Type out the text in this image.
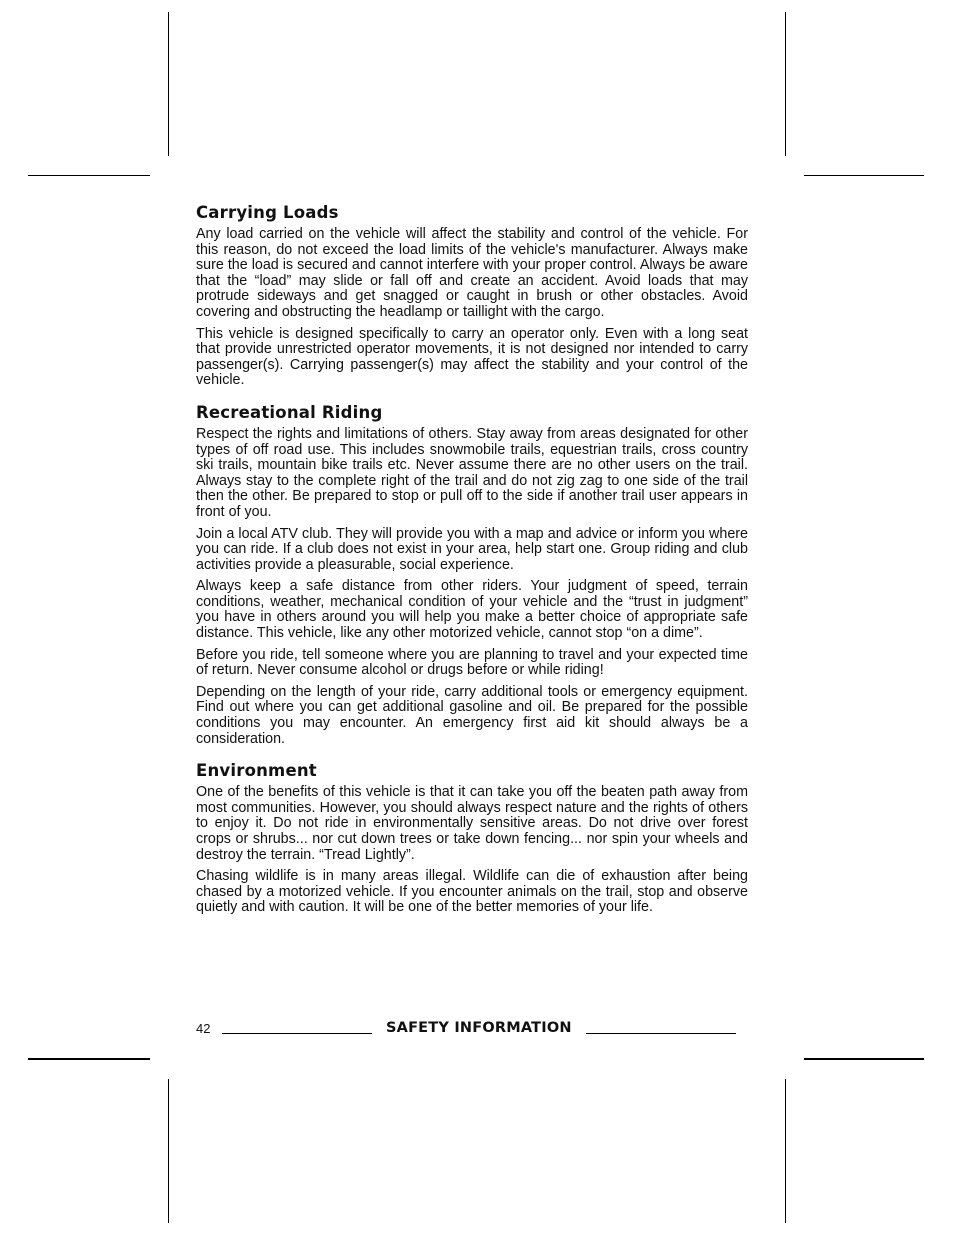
Carrying Loads

Any load carried on the vehicle will affect the stability and control of the vehicle. For this reason, do not exceed the load limits of the vehicle's manufacturer. Always make sure the load is secured and cannot interfere with your proper control. Always be aware that the “load” may slide or fall off and create an accident. Avoid loads that may protrude sideways and get snagged or caught in brush or other obstacles. Avoid covering and obstructing the headlamp or taillight with the cargo.

This vehicle is designed specifically to carry an operator only. Even with a long seat that provide unrestricted operator movements, it is not designed nor intended to carry passenger(s). Carrying passenger(s) may affect the stability and your control of the vehicle.

Recreational Riding

Respect the rights and limitations of others. Stay away from areas designated for other types of off road use. This includes snowmobile trails, equestrian trails, cross country ski trails, mountain bike trails etc. Never assume there are no other users on the trail. Always stay to the complete right of the trail and do not zig zag to one side of the trail then the other. Be prepared to stop or pull off to the side if another trail user appears in front of you.

Join a local ATV club. They will provide you with a map and advice or inform you where you can ride. If a club does not exist in your area, help start one. Group riding and club activities provide a pleasurable, social experience.

Always keep a safe distance from other riders. Your judgment of speed, terrain conditions, weather, mechanical condition of your vehicle and the “trust in judgment” you have in others around you will help you make a better choice of appropriate safe distance. This vehicle, like any other motorized vehicle, cannot stop “on a dime”.

Before you ride, tell someone where you are planning to travel and your expected time of return. Never consume alcohol or drugs before or while riding!

Depending on the length of your ride, carry additional tools or emergency equipment. Find out where you can get additional gasoline and oil. Be prepared for the possible conditions you may encounter. An emergency first aid kit should always be a consideration.

Environment

One of the benefits of this vehicle is that it can take you off the beaten path away from most communities. However, you should always respect nature and the rights of others to enjoy it. Do not ride in environmentally sensitive areas. Do not drive over forest crops or shrubs... nor cut down trees or take down fencing... nor spin your wheels and destroy the terrain. “Tread Lightly”.

Chasing wildlife is in many areas illegal. Wildlife can die of exhaustion after being chased by a motorized vehicle. If you encounter animals on the trail, stop and observe quietly and with caution. It will be one of the better memories of your life.

42	SAFETY INFORMATION
